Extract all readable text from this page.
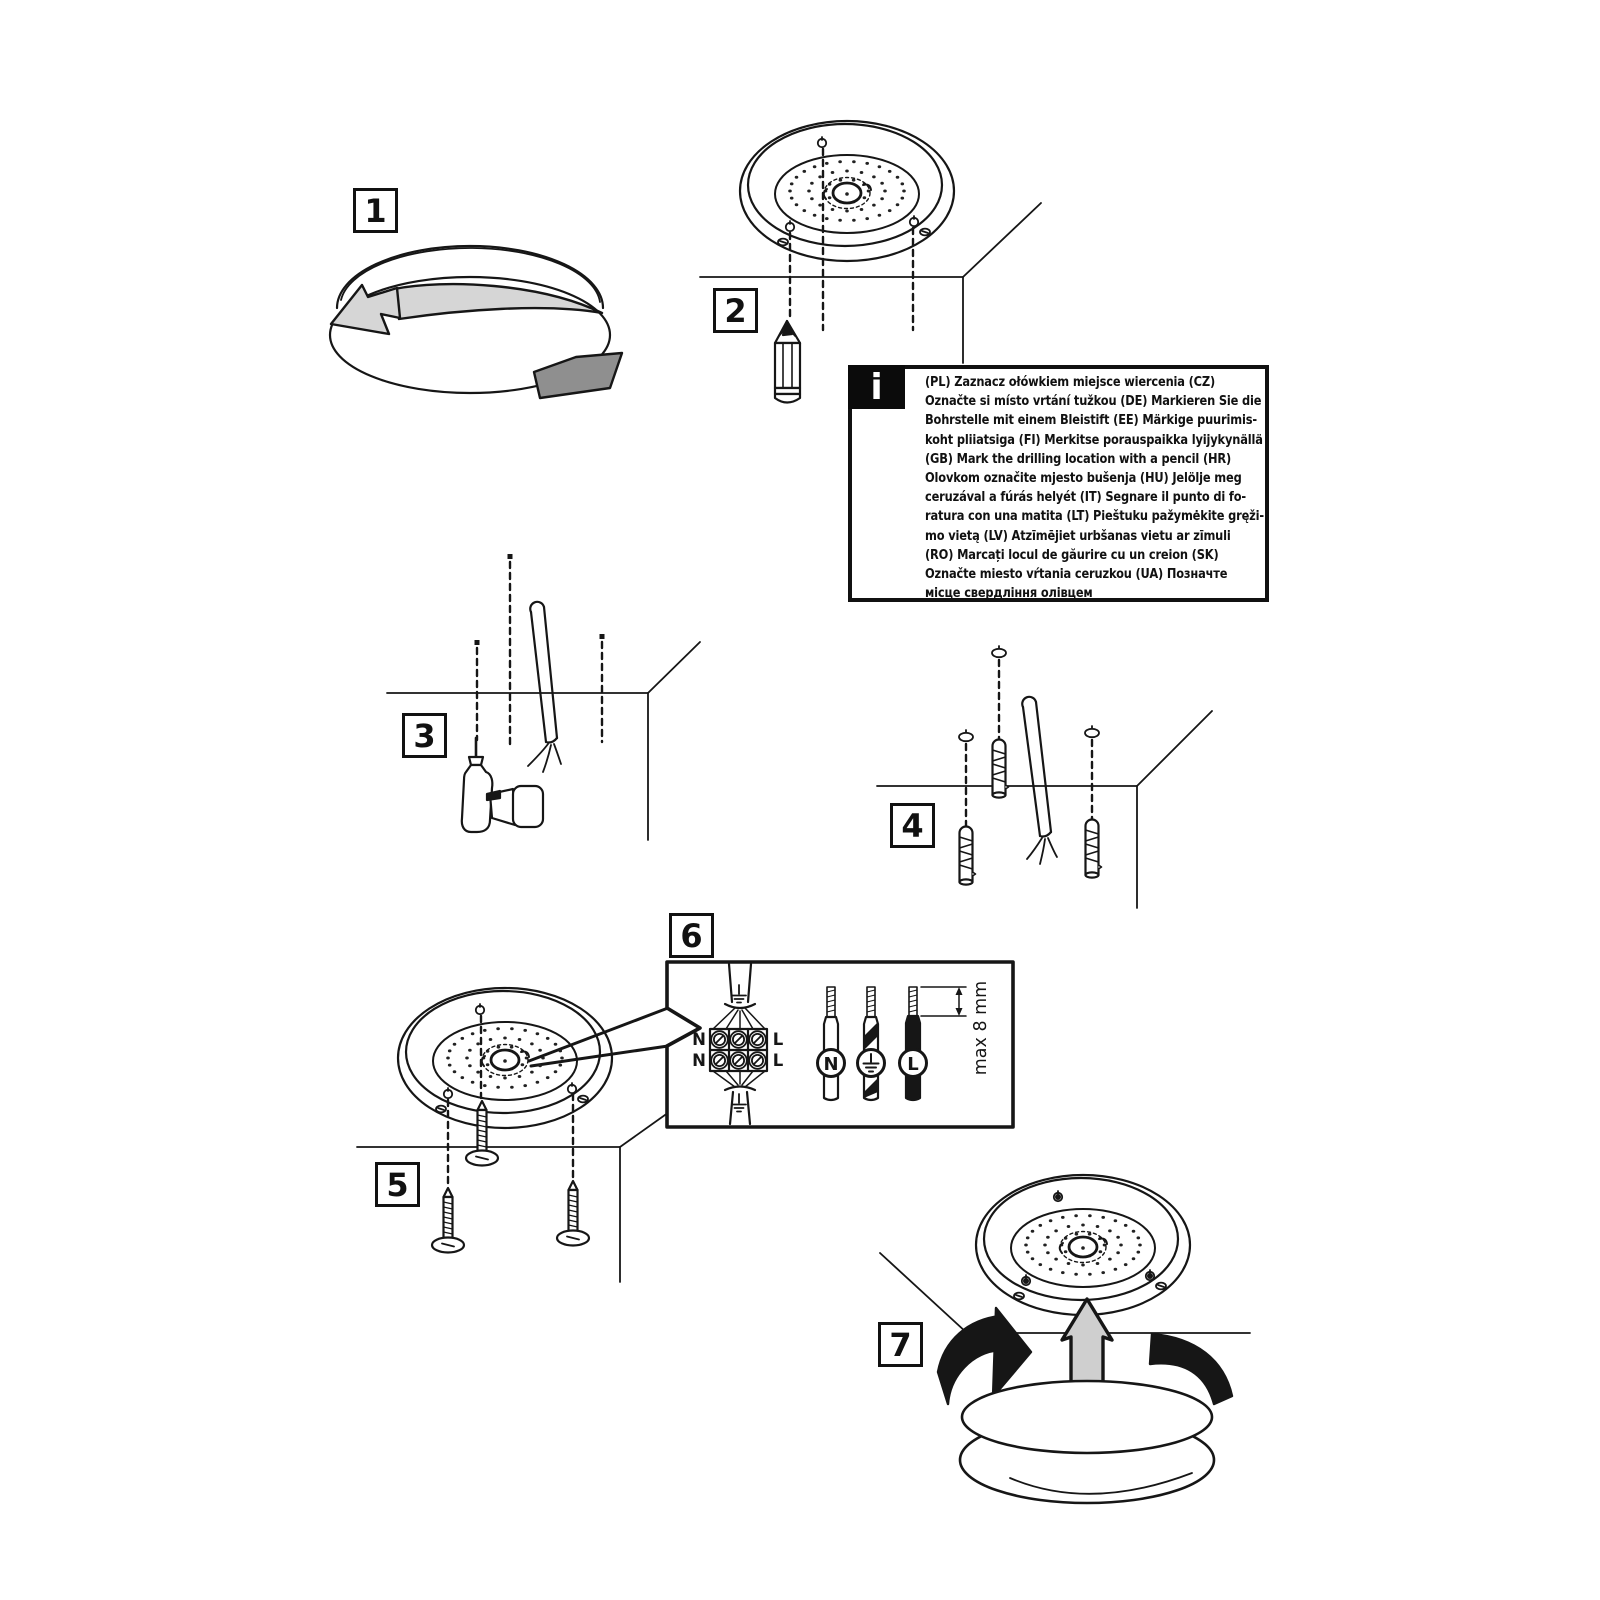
N
N
L
L N	L	max 8 mm
i	(PL) Zaznacz ołówkiem miejsce wiercenia (CZ)
Označte si místo vrtání tužkou (DE) Markieren Sie die
Bohrstelle mit einem Bleistift (EE) Märkige puurimis-
koht pliiatsiga (FI) Merkitse porauspaikka lyijykynällä
(GB) Mark the drilling location with a pencil (HR)
Olovkom označite mjesto bušenja (HU) Jelölje meg
ceruzával a fúrás helyét (IT) Segnare il punto di fo-
ratura con una matita (LT) Pieštuku pažymėkite gręži-
mo vietą (LV) Atzīmējiet urbšanas vietu ar zīmuli
(RO) Marcați locul de găurire cu un creion (SK)
Označte miesto vŕtania ceruzkou (UA) Позначте
місце свердління олівцем
1
2
3
4
5
6
7
